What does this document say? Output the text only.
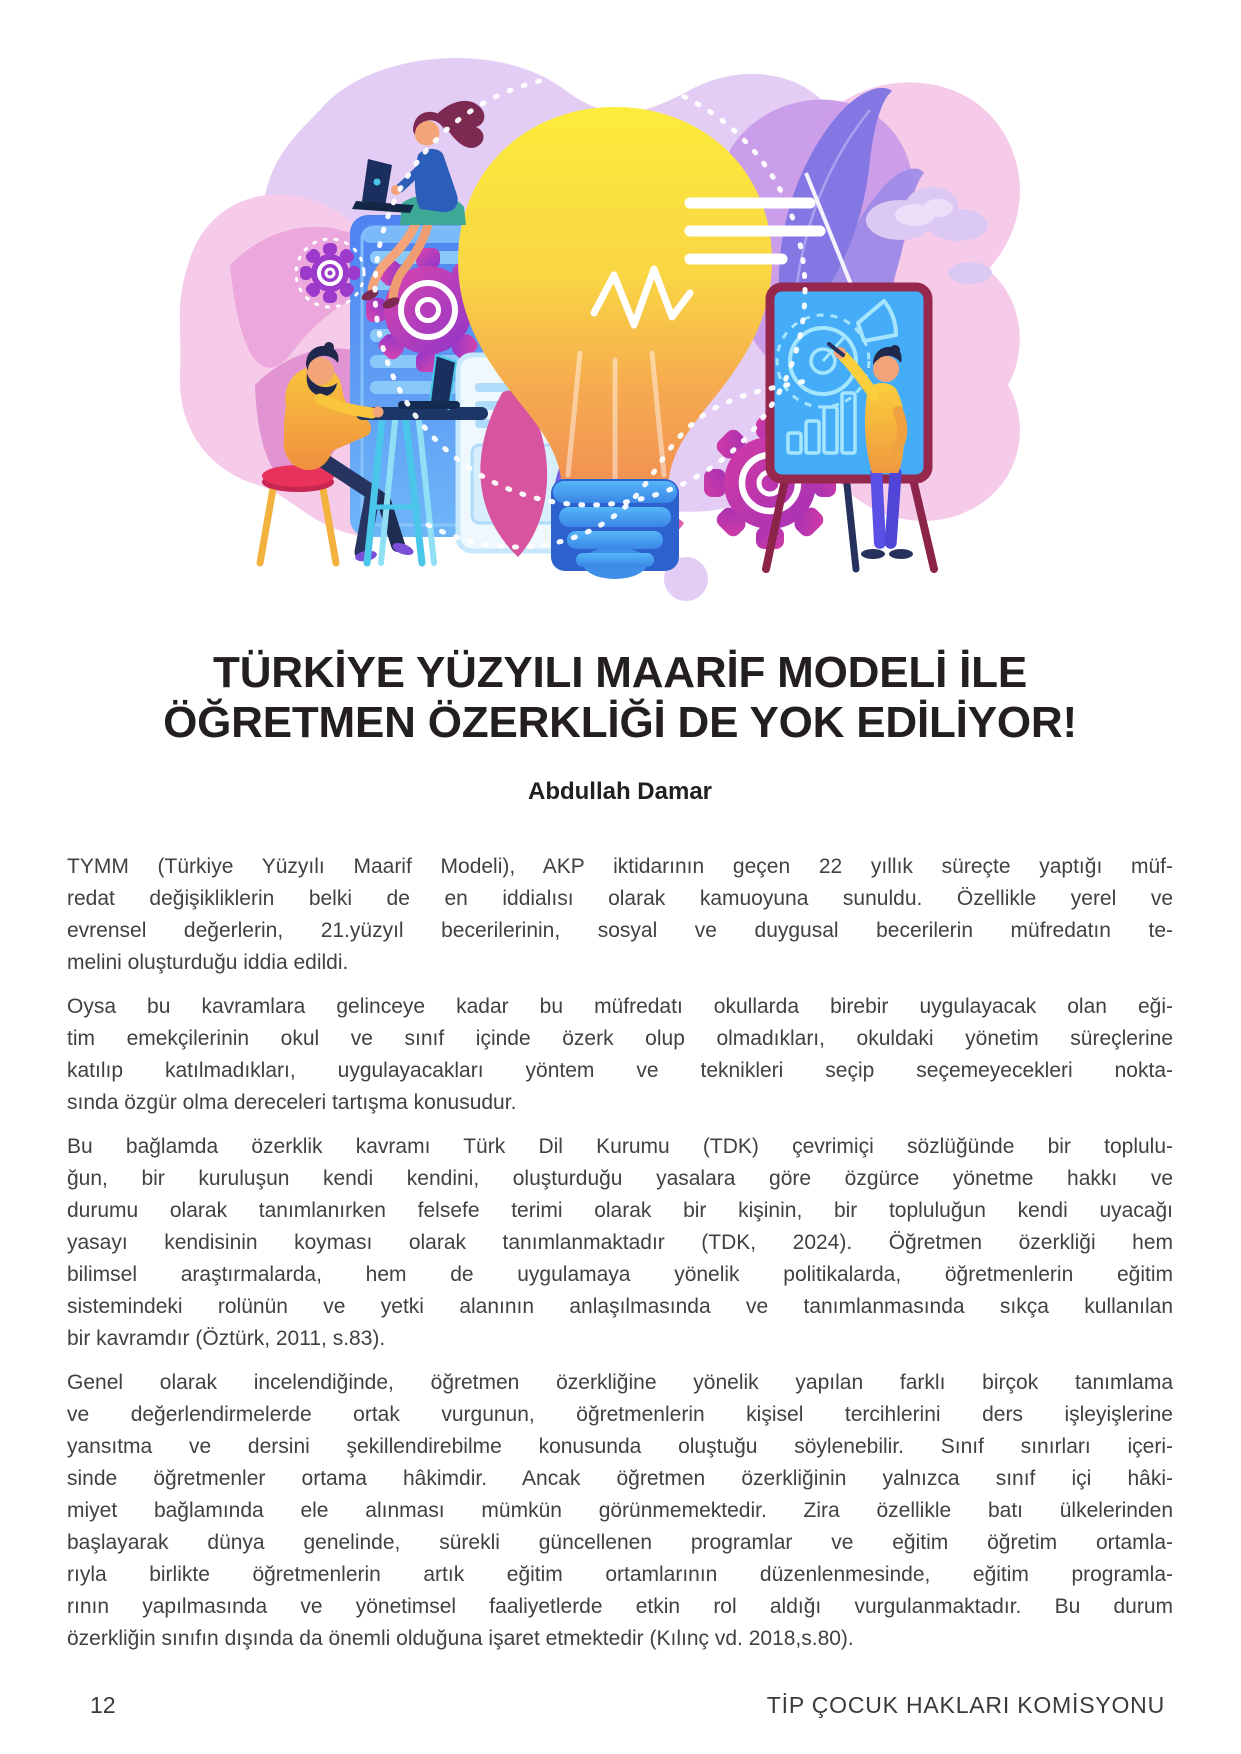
TÜRKİYE YÜZYILI MAARİF MODELİ İLE
ÖĞRETMEN ÖZERKLİĞİ DE YOK EDİLİYOR!
Abdullah Damar
TYMM (Türkiye Yüzyılı Maarif Modeli), AKP iktidarının geçen 22 yıllık süreçte yaptığı müf-
redat değişikliklerin belki de en iddialısı olarak kamuoyuna sunuldu. Özellikle yerel ve
evrensel değerlerin, 21.yüzyıl becerilerinin, sosyal ve duygusal becerilerin müfredatın te-
melini oluşturduğu iddia edildi.
Oysa bu kavramlara gelinceye kadar bu müfredatı okullarda birebir uygulayacak olan eği-
tim emekçilerinin okul ve sınıf içinde özerk olup olmadıkları, okuldaki yönetim süreçlerine
katılıp katılmadıkları, uygulayacakları yöntem ve teknikleri seçip seçemeyecekleri nokta-
sında özgür olma dereceleri tartışma konusudur.
Bu bağlamda özerklik kavramı Türk Dil Kurumu (TDK) çevrimiçi sözlüğünde bir toplulu-
ğun, bir kuruluşun kendi kendini, oluşturduğu yasalara göre özgürce yönetme hakkı ve
durumu olarak tanımlanırken felsefe terimi olarak bir kişinin, bir topluluğun kendi uyacağı
yasayı kendisinin koyması olarak tanımlanmaktadır (TDK, 2024). Öğretmen özerkliği hem
bilimsel araştırmalarda, hem de uygulamaya yönelik politikalarda, öğretmenlerin eğitim
sistemindeki rolünün ve yetki alanının anlaşılmasında ve tanımlanmasında sıkça kullanılan
bir kavramdır (Öztürk, 2011, s.83).
Genel olarak incelendiğinde, öğretmen özerkliğine yönelik yapılan farklı birçok tanımlama
ve değerlendirmelerde ortak vurgunun, öğretmenlerin kişisel tercihlerini ders işleyişlerine
yansıtma ve dersini şekillendirebilme konusunda oluştuğu söylenebilir. Sınıf sınırları içeri-
sinde öğretmenler ortama hâkimdir. Ancak öğretmen özerkliğinin yalnızca sınıf içi hâki-
miyet bağlamında ele alınması mümkün görünmemektedir. Zira özellikle batı ülkelerinden
başlayarak dünya genelinde, sürekli güncellenen programlar ve eğitim öğretim ortamla-
rıyla birlikte öğretmenlerin artık eğitim ortamlarının düzenlenmesinde, eğitim programla-
rının yapılmasında ve yönetimsel faaliyetlerde etkin rol aldığı vurgulanmaktadır. Bu durum
özerkliğin sınıfın dışında da önemli olduğuna işaret etmektedir (Kılınç vd. 2018,s.80).
12	TİP ÇOCUK HAKLARI KOMİSYONU
